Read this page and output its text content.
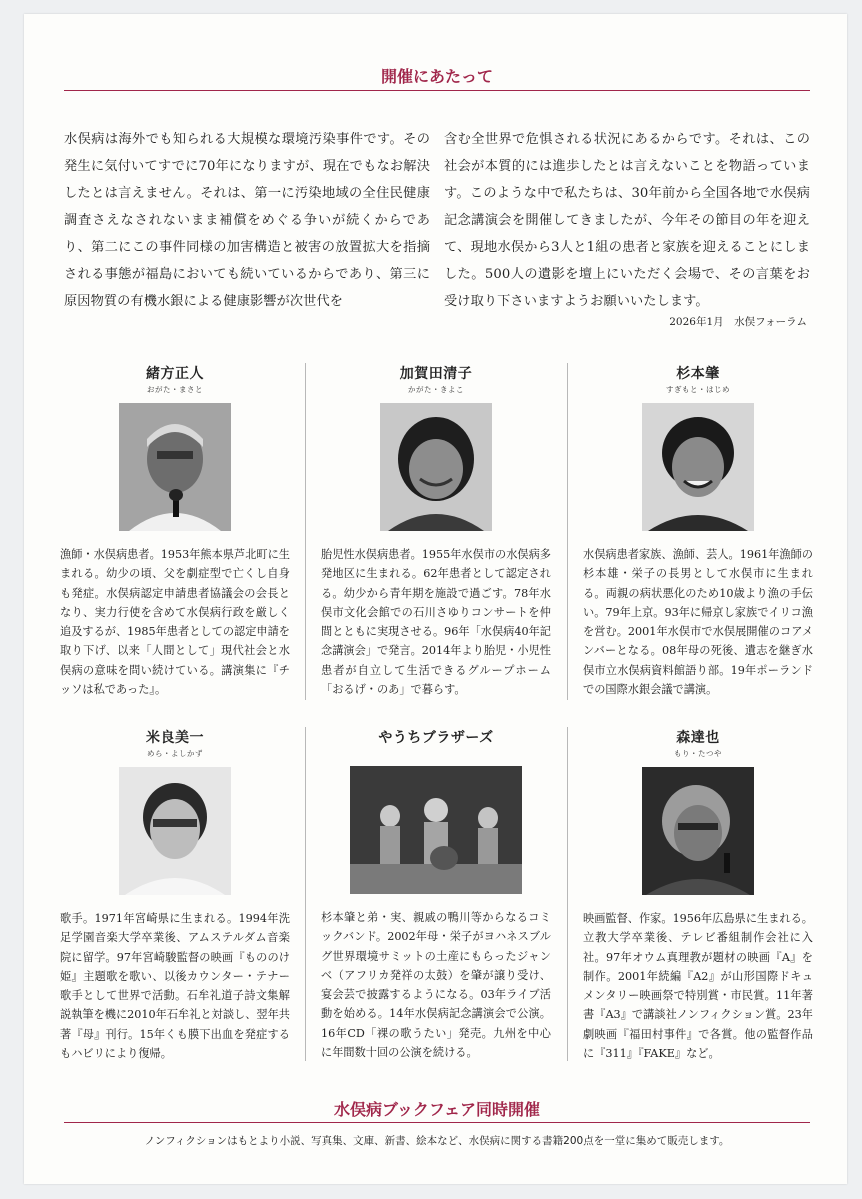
開催にあたって
水俣病は海外でも知られる大規模な環境汚染事件です。その発生に気付いてすでに70年になりますが、現在でもなお解決したとは言えません。それは、第一に汚染地域の全住民健康調査さえなされないまま補償をめぐる争いが続くからであり、第二にこの事件同様の加害構造と被害の放置拡大を指摘される事態が福島においても続いているからであり、第三に原因物質の有機水銀による健康影響が次世代を
含む全世界で危惧される状況にあるからです。それは、この社会が本質的には進歩したとは言えないことを物語っています。このような中で私たちは、30年前から全国各地で水俣病記念講演会を開催してきましたが、今年その節目の年を迎えて、現地水俣から3人と1組の患者と家族を迎えることにしました。500人の遺影を壇上にいただく会場で、その言葉をお受け取り下さいますようお願いいたします。
2026年1月　水俣フォーラム
緒方正人
おがた・まさと
漁師・水俣病患者。1953年熊本県芦北町に生まれる。幼少の頃、父を劇症型で亡くし自身も発症。水俣病認定申請患者協議会の会長となり、実力行使を含めて水俣病行政を厳しく追及するが、1985年患者としての認定申請を取り下げ、以来「人間として」現代社会と水俣病の意味を問い続けている。講演集に『チッソは私であった』。
加賀田清子
かがた・きよこ
胎児性水俣病患者。1955年水俣市の水俣病多発地区に生まれる。62年患者として認定される。幼少から青年期を施設で過ごす。78年水俣市文化会館での石川さゆりコンサートを仲間とともに実現させる。96年「水俣病40年記念講演会」で発言。2014年より胎児・小児性患者が自立して生活できるグループホーム「おるげ・のあ」で暮らす。
杉本肇
すぎもと・はじめ
水俣病患者家族、漁師、芸人。1961年漁師の杉本雄・栄子の長男として水俣市に生まれる。両親の病状悪化のため10歳より漁の手伝い。79年上京。93年に帰京し家族でイリコ漁を営む。2001年水俣市で水俣展開催のコアメンバーとなる。08年母の死後、遺志を継ぎ水俣市立水俣病資料館語り部。19年ポーランドでの国際水銀会議で講演。
米良美一
めら・よしかず
歌手。1971年宮崎県に生まれる。1994年洗足学園音楽大学卒業後、アムステルダム音楽院に留学。97年宮崎駿監督の映画『もののけ姫』主題歌を歌い、以後カウンター・テナー歌手として世界で活動。石牟礼道子詩文集解説執筆を機に2010年石牟礼と対談し、翌年共著『母』刊行。15年くも膜下出血を発症するもハビリにより復帰。
やうちブラザーズ
杉本肇と弟・実、親戚の鴨川等からなるコミックバンド。2002年母・栄子がヨハネスブルグ世界環境サミットの土産にもらったジャンベ（アフリカ発祥の太鼓）を肇が譲り受け、宴会芸で披露するようになる。03年ライブ活動を始める。14年水俣病記念講演会で公演。16年CD「裸の歌うたい」発売。九州を中心に年間数十回の公演を続ける。
森達也
もり・たつや
映画監督、作家。1956年広島県に生まれる。立教大学卒業後、テレビ番組制作会社に入社。97年オウム真理教が題材の映画『A』を制作。2001年続編『A2』が山形国際ドキュメンタリー映画祭で特別賞・市民賞。11年著書『A3』で講談社ノンフィクション賞。23年劇映画『福田村事件』で各賞。他の監督作品に『311』『FAKE』など。
水俣病ブックフェア同時開催
ノンフィクションはもとより小説、写真集、文庫、新書、絵本など、水俣病に関する書籍200点を一堂に集めて販売します。
